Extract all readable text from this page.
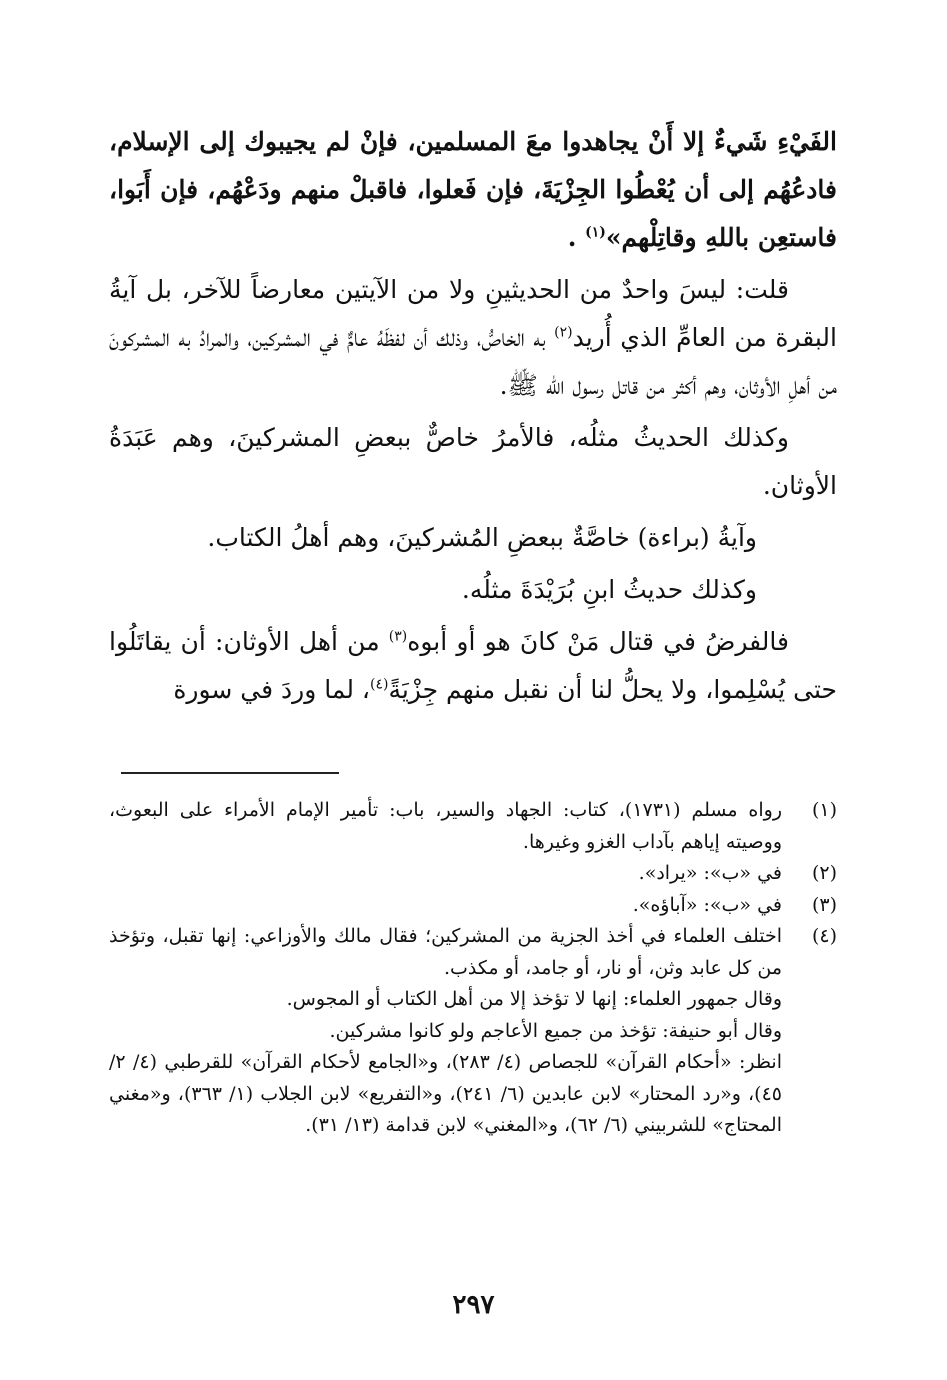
الفَيْءِ شَيءٌ إلا أَنْ يجاهدوا معَ المسلمين، فإنْ لم يجيبوك إلى الإسلام، فادعُهُم إلى أن يُعْطُوا الجِزْيَةَ، فإن فَعلوا، فاقبلْ منهم ودَعْهُم، فإن أَبَوا، فاستعِن باللهِ وقاتِلْهم»$^{(١)}$ .

قلت: ليسَ واحدٌ من الحديثينِ ولا من الآيتين معارضاً للآخر، بل آيةُ البقرة من العامِّ الذي أُريد$^{(٢)}$ به الخاصُّ، وذلك أن لفظَهُ عامٌّ في المشركين، والمرادُ به المشركونَ من أهلِ الأوثان، وهم أكثر من قاتل رسول الله ﷺ.

وكذلك الحديثُ مثلُه، فالأمرُ خاصٌّ ببعضِ المشركينَ، وهم عَبَدَةُ الأوثان.

وآيةُ (براءة) خاصَّةٌ ببعضِ المُشركينَ، وهم أهلُ الكتاب.

وكذلك حديثُ ابنِ بُرَيْدَةَ مثلُه.

فالفرضُ في قتال مَنْ كانَ هو أو أبوه$^{(٣)}$ من أهل الأوثان: أن يقاتَلُوا حتى يُسْلِموا، ولا يحلُّ لنا أن نقبل منهم جِزْيَةً$^{(٤)}$، لما وردَ في سورة

(١)
رواه مسلم (١٧٣١)، كتاب: الجهاد والسير، باب: تأمير الإمام الأمراء على البعوث، ووصيته إياهم بآداب الغزو وغيرها.
(٢)
في «ب»: «يراد».
(٣)
في «ب»: «آباؤه».
(٤)
اختلف العلماء في أخذ الجزية من المشركين؛ فقال مالك والأوزاعي: إنها تقبل، وتؤخذ من كل عابد وثن، أو نار، أو جامد، أو مكذب.
وقال جمهور العلماء: إنها لا تؤخذ إلا من أهل الكتاب أو المجوس.
وقال أبو حنيفة: تؤخذ من جميع الأعاجم ولو كانوا مشركين.
انظر: «أحكام القرآن» للجصاص (٤/ ٢٨٣)، و«الجامع لأحكام القرآن» للقرطبي (٤/ ٢/ ٤٥)، و«رد المحتار» لابن عابدين (٦/ ٢٤١)، و«التفريع» لابن الجلاب (١/ ٣٦٣)، و«مغني المحتاج» للشربيني (٦/ ٦٢)، و«المغني» لابن قدامة (١٣/ ٣١).
٢٩٧
